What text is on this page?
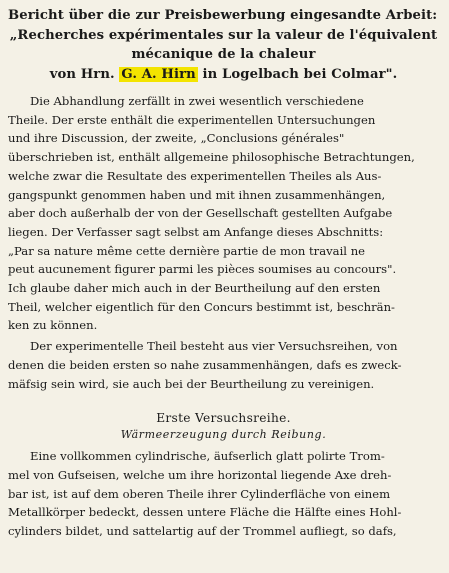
Bericht über die zur Preisbewerbung eingesandte Arbeit:
„Recherches expérimentales sur la valeur de l'équivalent
mécanique de la chaleur
von Hrn. G. A. Hirn in Logelbach bei Colmar".

Die Abhandlung zerfällt in zwei wesentlich verschiedene
Theile. Der erste enthält die experimentellen Untersuchungen
und ihre Discussion, der zweite, „Conclusions générales"
überschrieben ist, enthält allgemeine philosophische Betrachtungen,
welche zwar die Resultate des experimentellen Theiles als Aus-
gangspunkt genommen haben und mit ihnen zusammenhängen,
aber doch außerhalb der von der Gesellschaft gestellten Aufgabe
liegen. Der Verfasser sagt selbst am Anfange dieses Abschnitts:
„Par sa nature même cette dernière partie de mon travail ne
peut aucunement figurer parmi les pièces soumises au concours".
Ich glaube daher mich auch in der Beurtheilung auf den ersten
Theil, welcher eigentlich für den Concurs bestimmt ist, beschrän-
ken zu können.

Der experimentelle Theil besteht aus vier Versuchsreihen, von
denen die beiden ersten so nahe zusammenhängen, dafs es zweck-
mäfsig sein wird, sie auch bei der Beurtheilung zu vereinigen.

Erste Versuchsreihe.
Wärmeerzeugung durch Reibung.

Eine vollkommen cylindrische, äufserlich glatt polirte Trom-
mel von Gufseisen, welche um ihre horizontal liegende Axe dreh-
bar ist, ist auf dem oberen Theile ihrer Cylinderfläche von einem
Metallkörper bedeckt, dessen untere Fläche die Hälfte eines Hohl-
cylinders bildet, und sattelartig auf der Trommel aufliegt, so dafs,
